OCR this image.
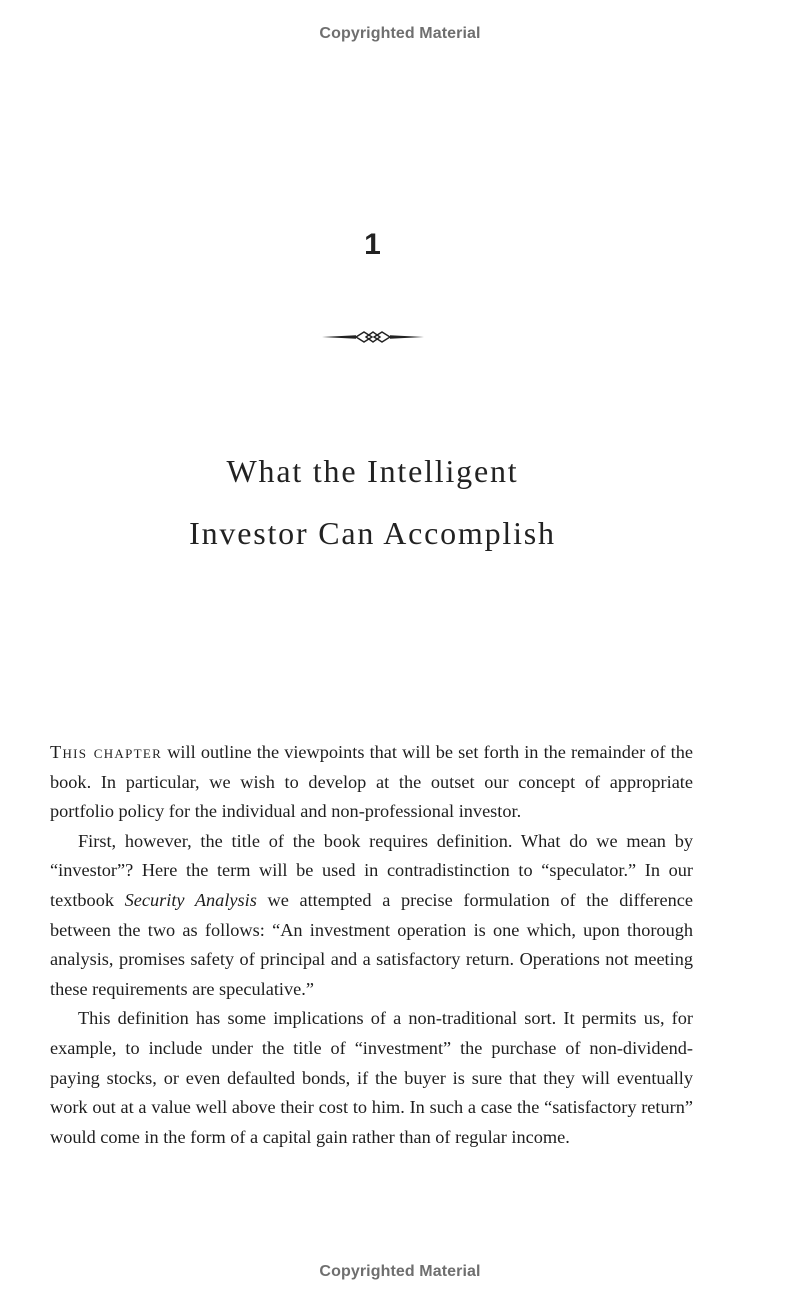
Copyrighted Material
1
What the Intelligent
Investor Can Accomplish

This chapter will outline the viewpoints that will be set forth in the remainder of the book. In particular, we wish to develop at the outset our concept of appropriate portfolio policy for the individual and non-professional investor.

First, however, the title of the book requires definition. What do we mean by “investor”? Here the term will be used in contradistinction to “speculator.” In our textbook Security Analysis we attempted a precise formulation of the difference between the two as follows: “An investment operation is one which, upon thorough analysis, promises safety of principal and a satisfactory return. Operations not meeting these requirements are speculative.”

This definition has some implications of a non-traditional sort. It permits us, for example, to include under the title of “investment” the purchase of non-dividend-paying stocks, or even defaulted bonds, if the buyer is sure that they will eventually work out at a value well above their cost to him. In such a case the “satisfactory return” would come in the form of a capital gain rather than of regular income.

Copyrighted Material
